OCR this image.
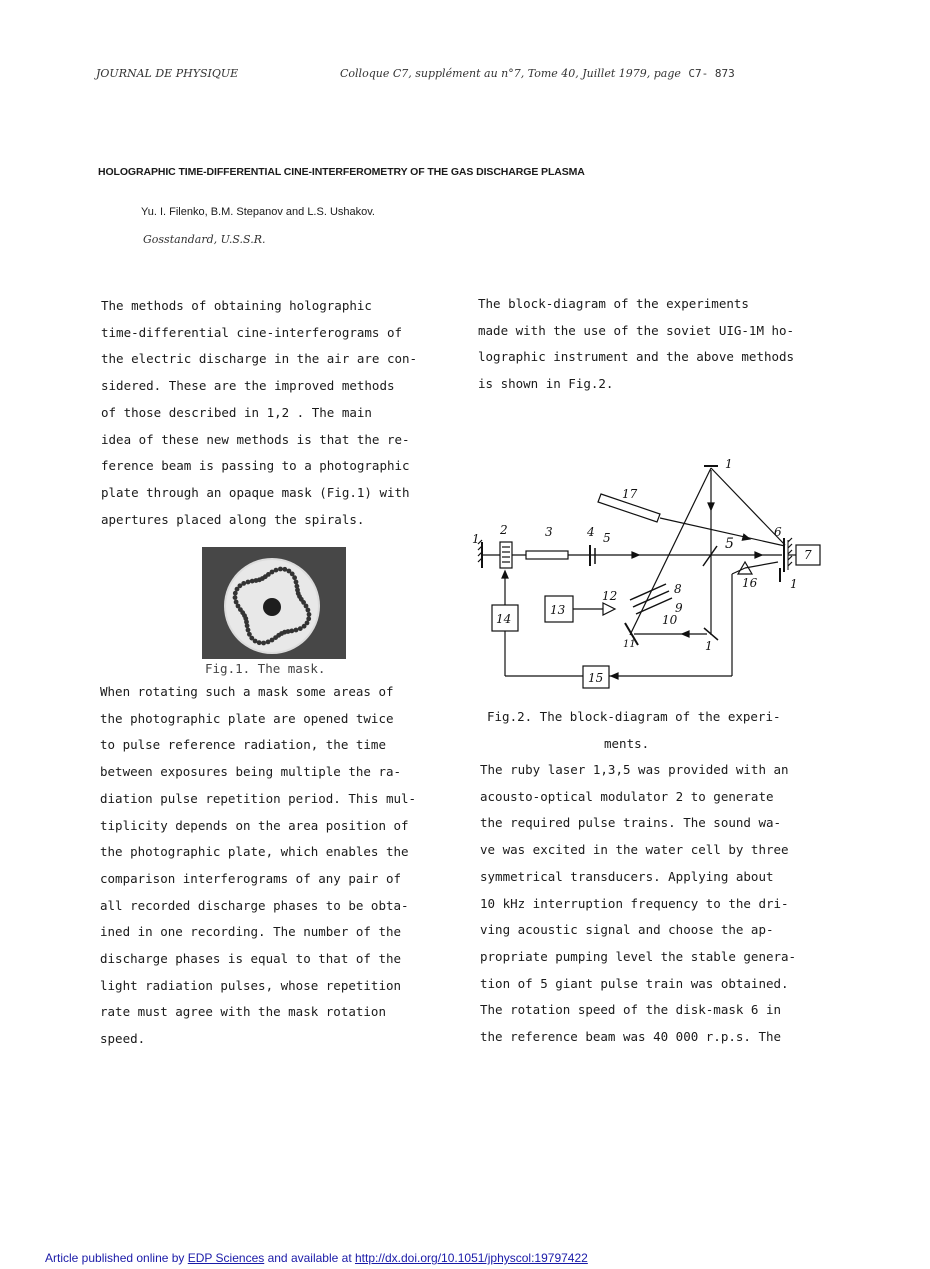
JOURNAL DE PHYSIQUE	Colloque C7, supplément au n°7, Tome 40, Juillet 1979, page C7- 873
HOLOGRAPHIC TIME-DIFFERENTIAL CINE-INTERFEROMETRY OF THE GAS DISCHARGE PLASMA
Yu. I. Filenko, B.M. Stepanov and L.S. Ushakov.
Gosstandard, U.S.S.R.

The methods of obtaining holographic

time-differential cine-interferograms of

the electric discharge in the air are con-

sidered. These are the improved methods

of those described in 1,2 . The main

idea of these new methods is that the re-

ference beam is passing to a photographic

plate through an opaque mask (Fig.1) with

apertures placed along the spirals.

Fig.1. The mask.

When rotating such a mask some areas of

the photographic plate are opened twice

to pulse reference radiation, the time

between exposures being multiple the ra-

diation pulse repetition period. This mul-

tiplicity depends on the area position of

the photographic plate, which enables the

comparison interferograms of any pair of

all recorded discharge phases to be obta-

ined in one recording. The number of the

discharge phases is equal to that of the

light radiation pulses, whose repetition

rate must agree with the mask rotation

speed.

The block-diagram of the experiments

made with the use of the soviet UIG-1M ho-

lographic instrument and the above methods

is shown in Fig.2.

1
2	3	4 5	5
6
7
8
9
10
11
12
13
14
15
16
17
1
1
1
Fig.2. The block-diagram of the experi-
ments.

The ruby laser 1,3,5 was provided with an

acousto-optical modulator 2 to generate

the required pulse trains. The sound wa-

ve was excited in the water cell by three

symmetrical transducers. Applying about

10 kHz interruption frequency to the dri-

ving acoustic signal and choose the ap-

propriate pumping level the stable genera-

tion of 5 giant pulse train was obtained.

The rotation speed of the disk-mask 6 in

the reference beam was 40 000 r.p.s. The

Article published online by EDP Sciences and available at http://dx.doi.org/10.1051/jphyscol:19797422
